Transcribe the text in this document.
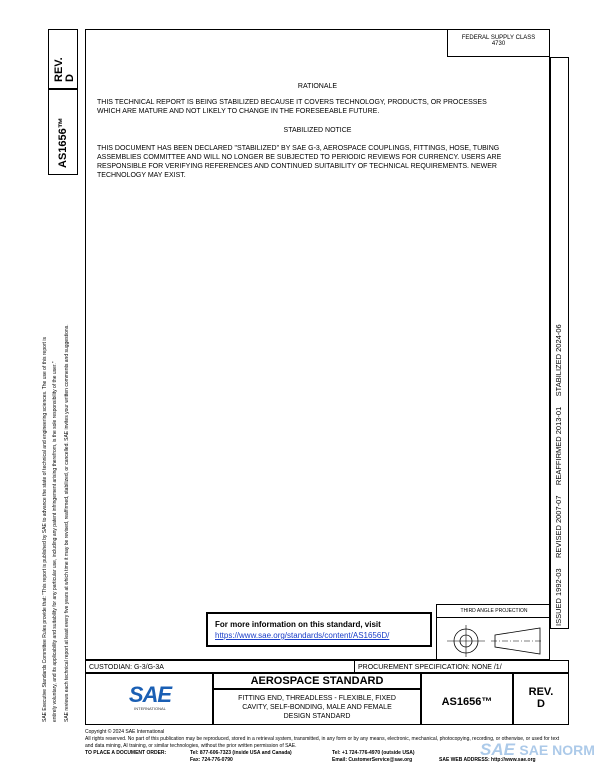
SAE Executive Standards Committee Rules provide that: "This report is published by SAE to advance the state of technical and engineering sciences. The use of this report is entirely voluntary, and its applicability and suitability for any particular use, including any patent infringement arising therefrom, is the sole responsibility of the user." SAE reviews each technical report at least every five years at which time it may be revised, reaffirmed, stabilized, or cancelled. SAE invites your written comments and suggestions.
REV.
D
AS1656™
FEDERAL SUPPLY CLASS
4730
ISSUED 1992-03     REVISED 2007-07     REAFFIRMED 2013-01     STABILIZED 2024-06
RATIONALE
THIS TECHNICAL REPORT IS BEING STABILIZED BECAUSE IT COVERS TECHNOLOGY, PRODUCTS, OR PROCESSES WHICH ARE MATURE AND NOT LIKELY TO CHANGE IN THE FORESEEABLE FUTURE.
STABILIZED NOTICE
THIS DOCUMENT HAS BEEN DECLARED "STABILIZED" BY SAE G-3, AEROSPACE COUPLINGS, FITTINGS, HOSE, TUBING ASSEMBLIES COMMITTEE AND WILL NO LONGER BE SUBJECTED TO PERIODIC REVIEWS FOR CURRENCY. USERS ARE RESPONSIBLE FOR VERIFYING REFERENCES AND CONTINUED SUITABILITY OF TECHNICAL REQUIREMENTS. NEWER TECHNOLOGY MAY EXIST.
For more information on this standard, visit
https://www.sae.org/standards/content/AS1656D/
THIRD ANGLE PROJECTION
CUSTODIAN: G-3/G-3A	PROCUREMENT SPECIFICATION: NONE /1/
SAE
INTERNATIONAL
AEROSPACE STANDARD
FITTING END, THREADLESS - FLEXIBLE, FIXED CAVITY, SELF-BONDING, MALE AND FEMALE DESIGN STANDARD
AS1656™
REV.
D
Copyright © 2024 SAE International
All rights reserved. No part of this publication may be reproduced, stored in a retrieval system, transmitted, in any form or by any means, electronic, mechanical, photocopying, recording, or otherwise, or used for text and data mining, AI training, or similar technologies, without the prior written permission of SAE.
TO PLACE A DOCUMENT ORDER:	Tel: 877-606-7323 (inside USA and Canada)	Tel: +1 724-776-4970 (outside USA)
Fax: 724-776-0790	Email: CustomerService@sae.org	SAE WEB ADDRESS: http://www.sae.org
SAE SAE NORM
